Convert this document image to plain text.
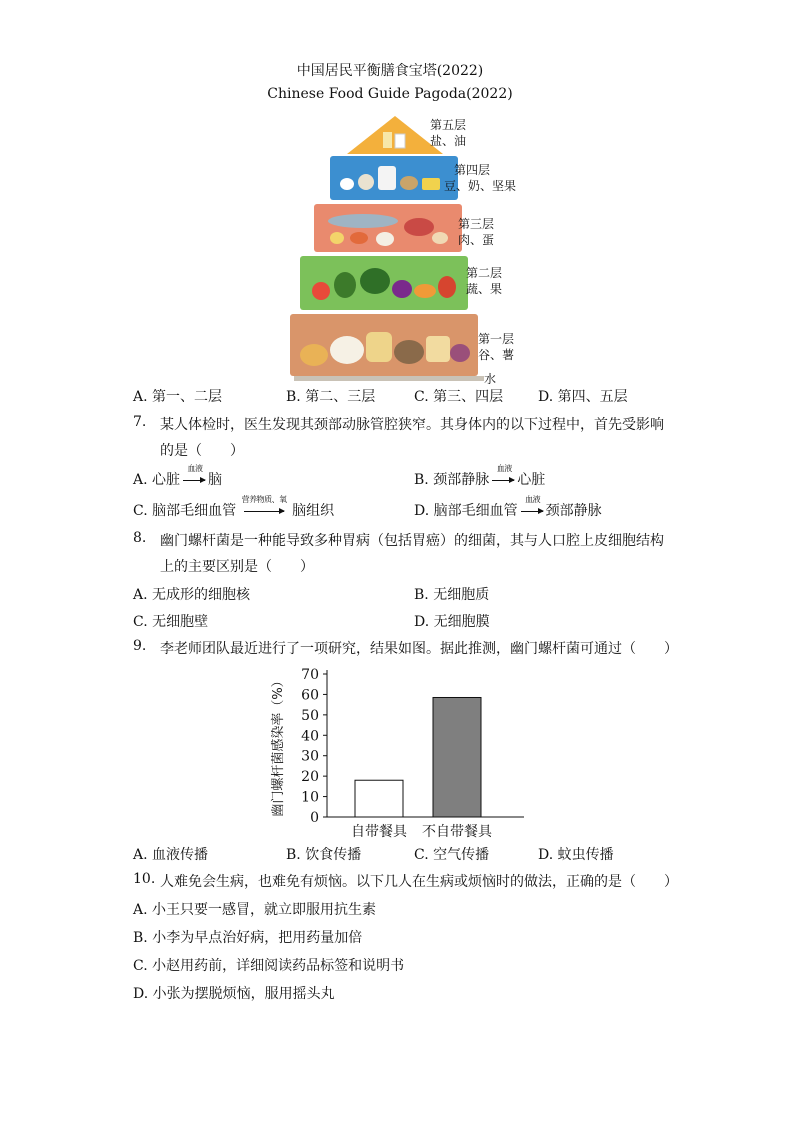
中国居民平衡膳食宝塔(2022)
Chinese Food Guide Pagoda(2022)
第五层
盐、油
第四层
豆、奶、坚果
第三层
肉、蛋
第二层
蔬、果
第一层
谷、薯
水
A. 第一、二层	B. 第二、三层	C. 第三、四层 D. 第四、五层
7. 某人体检时，医生发现其颈部动脉管腔狭窄。其身体内的以下过程中，首先受影响
的是（　　）
A. 心脏
血液
脑	B. 颈部静脉
血液
心脏
C. 脑部毛细血管
营养物质、氧
脑组织	D. 脑部毛细血管
血液
颈部静脉
8. 幽门螺杆菌是一种能导致多种胃病（包括胃癌）的细菌，其与人口腔上皮细胞结构
上的主要区别是（　　）
A. 无成形的细胞核	B. 无细胞质
C. 无细胞壁	D. 无细胞膜
9. 李老师团队最近进行了一项研究，结果如图。据此推测，幽门螺杆菌可通过（　　）
0
10
20
30
40
50
60
70
自带餐具 不自带餐具
幽门螺杆菌感染率（%）
A. 血液传播	B. 饮食传播	C. 空气传播	D. 蚊虫传播
10. 人难免会生病，也难免有烦恼。以下几人在生病或烦恼时的做法，正确的是（　　）
A. 小王只要一感冒，就立即服用抗生素
B. 小李为早点治好病，把用药量加倍
C. 小赵用药前，详细阅读药品标签和说明书
D. 小张为摆脱烦恼，服用摇头丸
